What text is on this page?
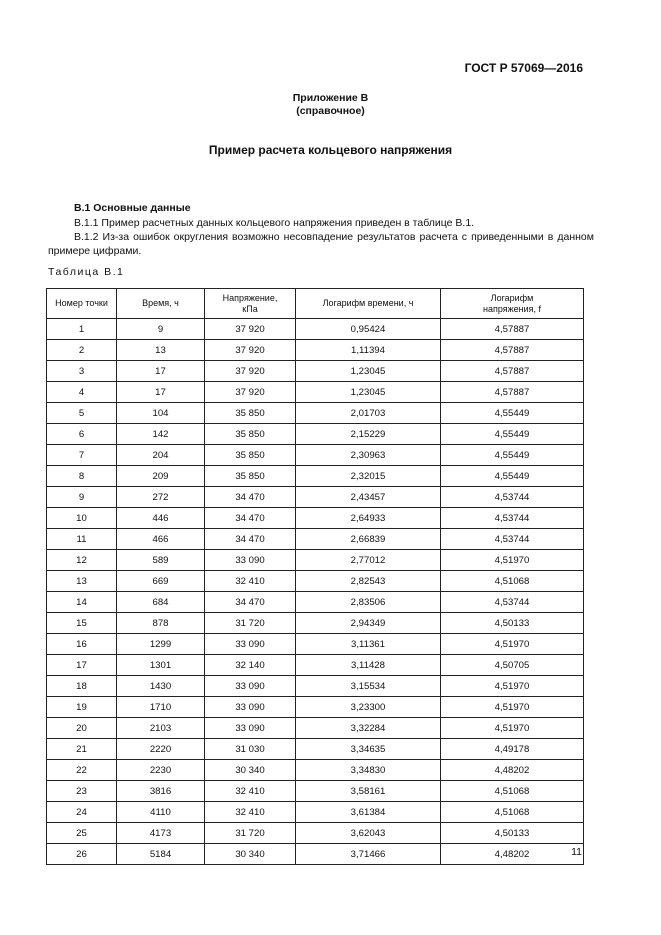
ГОСТ Р 57069—2016
Приложение В
(справочное)
Пример расчета кольцевого напряжения
В.1 Основные данные
В.1.1 Пример расчетных данных кольцевого напряжения приведен в таблице В.1.
В.1.2 Из-за ошибок округления возможно несовпадение результатов расчета с приведенными в данном примере цифрами.
Таблица В.1
Номер точки	Время, ч	Напряжение, кПа	Логарифм времени, ч	Логарифм напряжения, f

1	9	37 920	0,95424	4,57887
2	13	37 920	1,11394	4,57887
3	17	37 920	1,23045	4,57887
4	17	37 920	1,23045	4,57887
5	104	35 850	2,01703	4,55449
6	142	35 850	2,15229	4,55449
7	204	35 850	2,30963	4,55449
8	209	35 850	2,32015	4,55449
9	272	34 470	2,43457	4,53744
10	446	34 470	2,64933	4,53744
11	466	34 470	2,66839	4,53744
12	589	33 090	2,77012	4,51970
13	669	32 410	2,82543	4,51068
14	684	34 470	2,83506	4,53744
15	878	31 720	2,94349	4,50133
16	1299	33 090	3,11361	4,51970
17	1301	32 140	3,11428	4,50705
18	1430	33 090	3,15534	4,51970
19	1710	33 090	3,23300	4,51970
20	2103	33 090	3,32284	4,51970
21	2220	31 030	3,34635	4,49178
22	2230	30 340	3,34830	4,48202
23	3816	32 410	3,58161	4,51068
24	4110	32 410	3,61384	4,51068
25	4173	31 720	3,62043	4,50133
26	5184	30 340	3,71466	4,48202	11
